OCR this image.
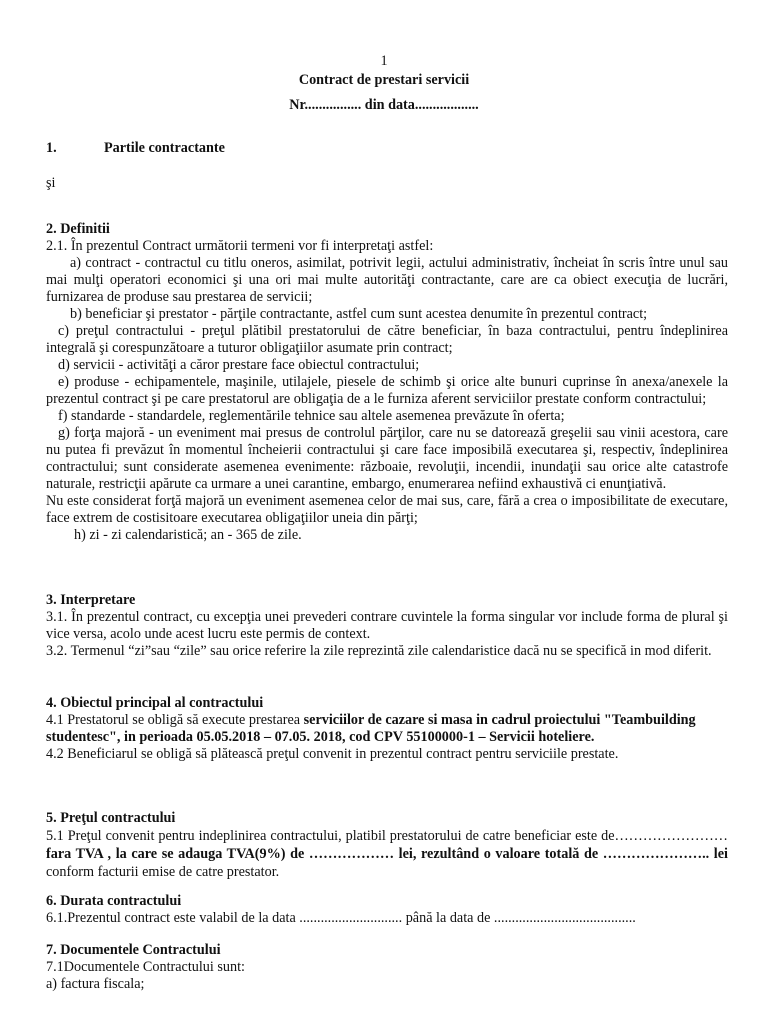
1
Contract de prestari servicii
Nr................ din data..................
1.	Partile contractante
şi

2. Definitii

2.1. În prezentul Contract următorii termeni vor fi interpretaţi astfel:

a) contract - contractul cu titlu oneros, asimilat, potrivit legii, actului administrativ, încheiat în scris între unul sau mai mulţi operatori economici şi una ori mai multe autorităţi contractante, care are ca obiect execuţia de lucrări, furnizarea de produse sau prestarea de servicii;

b) beneficiar şi prestator - părţile contractante, astfel cum sunt acestea denumite în prezentul contract;

c) preţul contractului - preţul plătibil prestatorului de către beneficiar, în baza contractului, pentru îndeplinirea integrală şi corespunzătoare a tuturor obligaţiilor asumate prin contract;

d) servicii - activităţi a căror prestare face obiectul contractului;

e) produse - echipamentele, maşinile, utilajele, piesele de schimb şi orice alte bunuri cuprinse în anexa/anexele la prezentul contract şi pe care prestatorul are obligaţia de a le furniza aferent serviciilor prestate conform contractului;

f) standarde - standardele, reglementările tehnice sau altele asemenea prevăzute în oferta;

g) forţa majoră - un eveniment mai presus de controlul părţilor, care nu se datorează greşelii sau vinii acestora, care nu putea fi prevăzut în momentul încheierii contractului şi care face imposibilă executarea şi, respectiv, îndeplinirea contractului; sunt considerate asemenea evenimente: războaie, revoluţii, incendii, inundaţii sau orice alte catastrofe naturale, restricţii apărute ca urmare a unei carantine, embargo, enumerarea nefiind exhaustivă ci enunţiativă.

Nu este considerat forţă majoră un eveniment asemenea celor de mai sus, care, fără a crea o imposibilitate de executare, face extrem de costisitoare executarea obligaţiilor uneia din părţi;

h) zi - zi calendaristică; an - 365 de zile.

3. Interpretare

3.1. În prezentul contract, cu excepţia unei prevederi contrare cuvintele la forma singular vor include forma de plural şi vice versa, acolo unde acest lucru este permis de context.

3.2. Termenul “zi”sau “zile” sau orice referire la zile reprezintă zile calendaristice dacă nu se specifică in mod diferit.

4. Obiectul principal al contractului

4.1 Prestatorul se obligă să execute prestarea serviciilor de cazare si masa in cadrul proiectului "Teambuilding studentesc", in perioada 05.05.2018 – 07.05. 2018, cod CPV 55100000-1 – Servicii hoteliere.

4.2 Beneficiarul se obligă să plătească preţul convenit in prezentul contract pentru serviciile prestate.

5. Preţul contractului

5.1 Preţul convenit pentru indeplinirea contractului, platibil prestatorului de catre beneficiar este de…………………… fara TVA , la care se adauga TVA(9%) de ……………… lei, rezultând o valoare totală de ………………….. lei conform facturii emise de catre prestator.

6. Durata contractului

6.1.Prezentul contract este valabil de la data ............................. până la data de ........................................

7. Documentele Contractului

7.1Documentele Contractului sunt:

a) factura fiscala;
